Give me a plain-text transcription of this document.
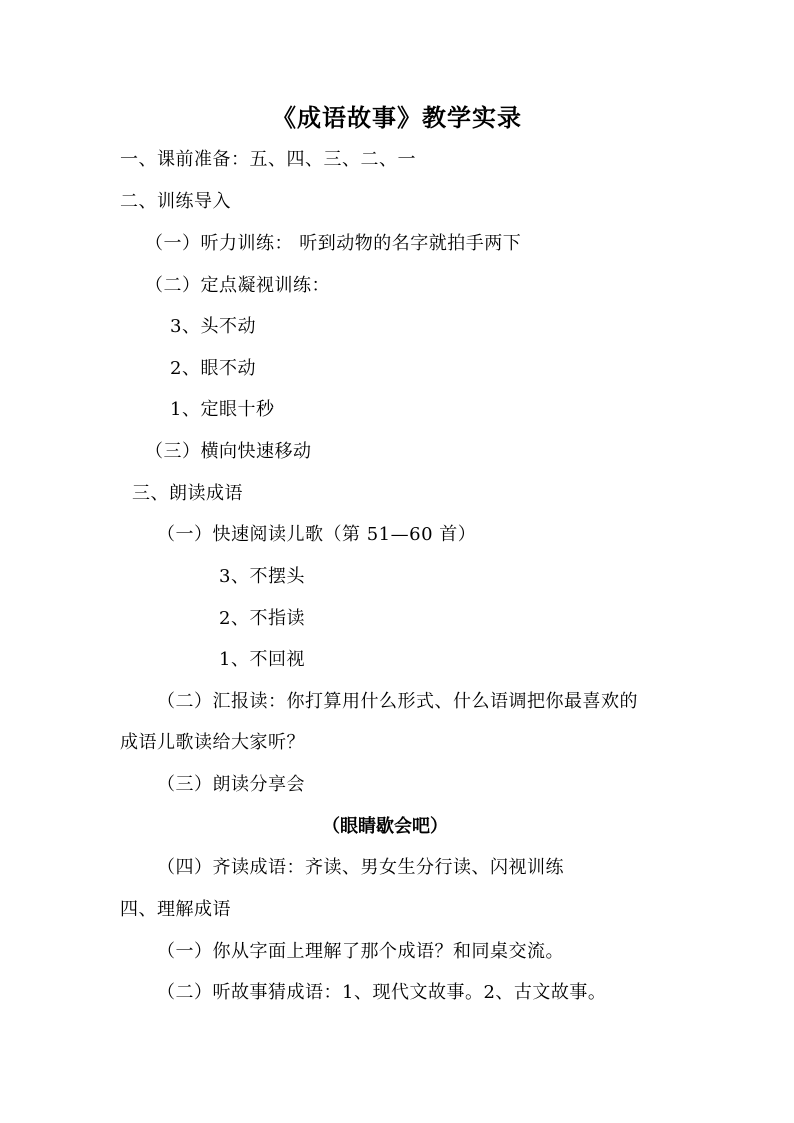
《成语故事》教学实录
一、课前准备：五、四、三、二、一
二、训练导入
（一）听力训练： 听到动物的名字就拍手两下
（二）定点凝视训练：
3、头不动
2、眼不动
1、定眼十秒
（三）横向快速移动
三、朗读成语
（一）快速阅读儿歌（第 51—60 首）
3、不摆头
2、不指读
1、不回视
（二）汇报读：你打算用什么形式、什么语调把你最喜欢的
成语儿歌读给大家听？
（三）朗读分享会
（眼睛歇会吧）
（四）齐读成语：齐读、男女生分行读、闪视训练
四、理解成语
（一）你从字面上理解了那个成语？和同桌交流。
（二）听故事猜成语：1、现代文故事。2、古文故事。
